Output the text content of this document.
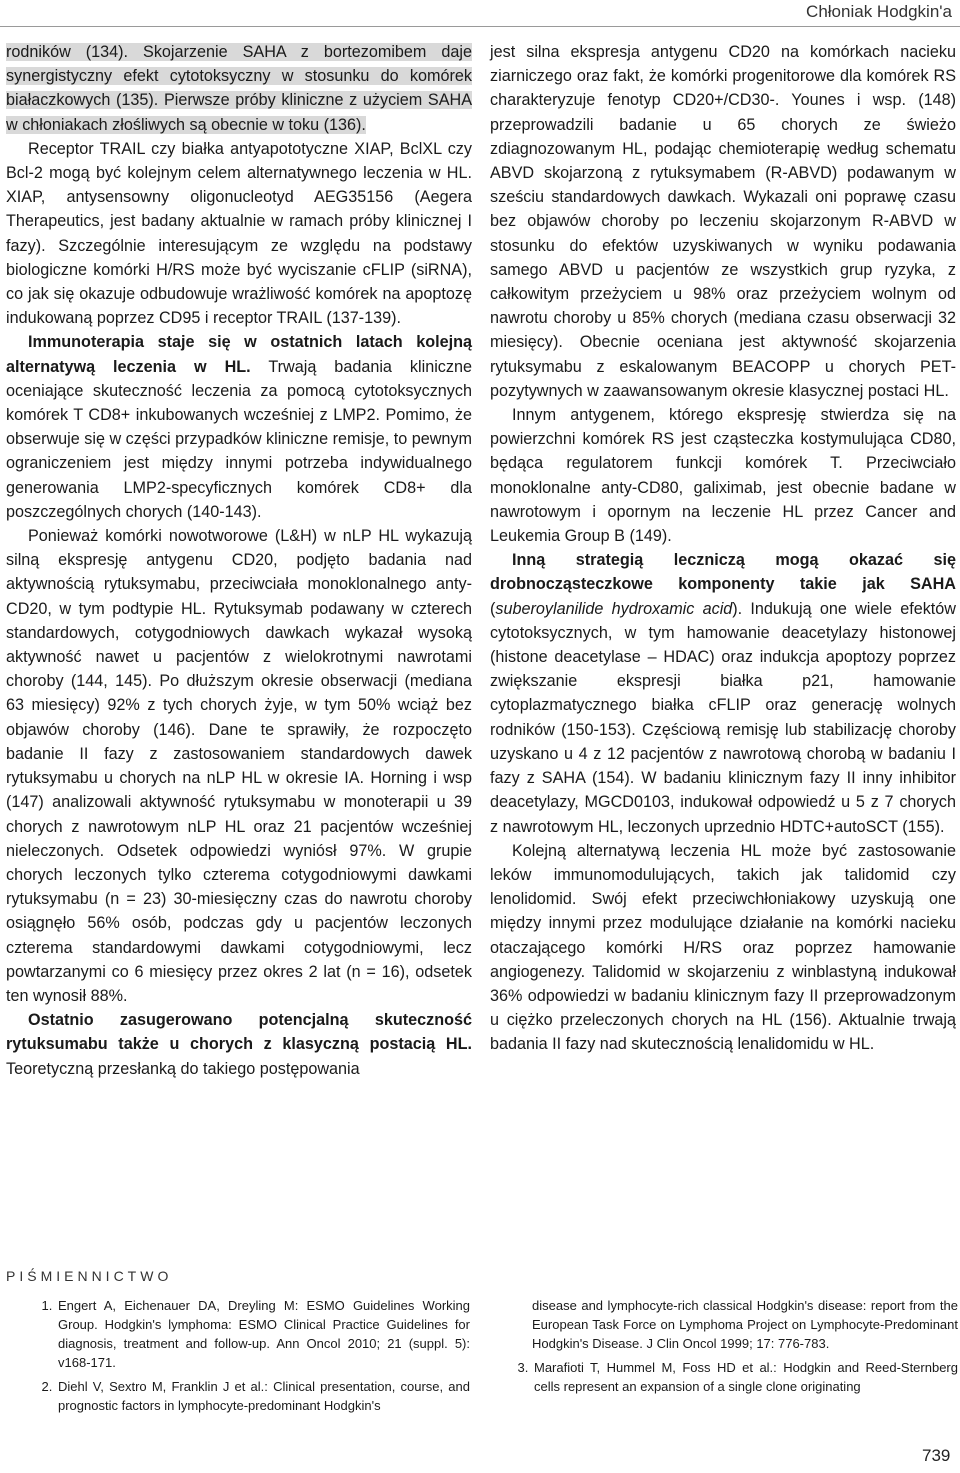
Chłoniak Hodgkin'a

rodników (134). Skojarzenie SAHA z bortezomibem daje synergistyczny efekt cytotoksyczny w stosunku do komórek białaczkowych (135). Pierwsze próby kliniczne z użyciem SAHA w chłoniakach złośliwych są obecnie w toku (136).

Receptor TRAIL czy białka antyapototyczne XIAP, BclXL czy Bcl-2 mogą być kolejnym celem alternatywnego leczenia w HL. XIAP, antysensowny oligonucleotyd AEG35156 (Aegera Therapeutics, jest badany aktualnie w ramach próby klinicznej I fazy). Szczególnie interesującym ze względu na podstawy biologiczne komórki H/RS może być wyciszanie cFLIP (siRNA), co jak się okazuje odbudowuje wrażliwość komórek na apoptozę indukowaną poprzez CD95 i receptor TRAIL (137-139).

Immunoterapia staje się w ostatnich latach kolejną alternatywą leczenia w HL. Trwają badania kliniczne oceniające skuteczność leczenia za pomocą cytotoksycznych komórek T CD8+ inkubowanych wcześniej z LMP2. Pomimo, że obserwuje się w części przypadków kliniczne remisje, to pewnym ograniczeniem jest między innymi potrzeba indywidualnego generowania LMP2-specyficznych komórek CD8+ dla poszczególnych chorych (140-143).

Ponieważ komórki nowotworowe (L&H) w nLP HL wykazują silną ekspresję antygenu CD20, podjęto badania nad aktywnością rytuksymabu, przeciwciała monoklonalnego anty-CD20, w tym podtypie HL. Rytuksymab podawany w czterech standardowych, cotygodniowych dawkach wykazał wysoką aktywność nawet u pacjentów z wielokrotnymi nawrotami choroby (144, 145). Po dłuższym okresie obserwacji (mediana 63 miesięcy) 92% z tych chorych żyje, w tym 50% wciąż bez objawów choroby (146). Dane te sprawiły, że rozpoczęto badanie II fazy z zastosowaniem standardowych dawek rytuksymabu u chorych na nLP HL w okresie IA. Horning i wsp (147) analizowali aktywność rytuksymabu w monoterapii u 39 chorych z nawrotowym nLP HL oraz 21 pacjentów wcześniej nieleczonych. Odsetek odpowiedzi wyniósł 97%. W grupie chorych leczonych tylko czterema cotygodniowymi dawkami rytuksymabu (n = 23) 30-miesięczny czas do nawrotu choroby osiągnęło 56% osób, podczas gdy u pacjentów leczonych czterema standardowymi dawkami cotygodniowymi, lecz powtarzanymi co 6 miesięcy przez okres 2 lat (n = 16), odsetek ten wynosił 88%.

Ostatnio zasugerowano potencjalną skuteczność rytuksumabu także u chorych z klasyczną postacią HL. Teoretyczną przesłanką do takiego postępowania

jest silna ekspresja antygenu CD20 na komórkach nacieku ziarniczego oraz fakt, że komórki progenitorowe dla komórek RS charakteryzuje fenotyp CD20+/CD30-. Younes i wsp. (148) przeprowadzili badanie u 65 chorych ze świeżo zdiagnozowanym HL, podając chemioterapię według schematu ABVD skojarzoną z rytuksymabem (R-ABVD) podawanym w sześciu standardowych dawkach. Wykazali oni poprawę czasu bez objawów choroby po leczeniu skojarzonym R-ABVD w stosunku do efektów uzyskiwanych w wyniku podawania samego ABVD u pacjentów ze wszystkich grup ryzyka, z całkowitym przeżyciem u 98% oraz przeżyciem wolnym od nawrotu choroby u 85% chorych (mediana czasu obserwacji 32 miesięcy). Obecnie oceniana jest aktywność skojarzenia rytuksymabu z eskalowanym BEACOPP u chorych PET-pozytywnych w zaawansowanym okresie klasycznej postaci HL.

Innym antygenem, którego ekspresję stwierdza się na powierzchni komórek RS jest cząsteczka kostymulująca CD80, będąca regulatorem funkcji komórek T. Przeciwciało monoklonalne anty-CD80, galiximab, jest obecnie badane w nawrotowym i opornym na leczenie HL przez Cancer and Leukemia Group B (149).

Inną strategią leczniczą mogą okazać się drobnocząsteczkowe komponenty takie jak SAHA (suberoylanilide hydroxamic acid). Indukują one wiele efektów cytotoksycznych, w tym hamowanie deacetylazy histonowej (histone deacetylase – HDAC) oraz indukcja apoptozy poprzez zwiększanie ekspresji białka p21, hamowanie cytoplazmatycznego białka cFLIP oraz generację wolnych rodników (150-153). Częściową remisję lub stabilizację choroby uzyskano u 4 z 12 pacjentów z nawrotową chorobą w badaniu I fazy z SAHA (154). W badaniu klinicznym fazy II inny inhibitor deacetylazy, MGCD0103, indukował odpowiedź u 5 z 7 chorych z nawrotowym HL, leczonych uprzednio HDTC+autoSCT (155).

Kolejną alternatywą leczenia HL może być zastosowanie leków immunomodulujących, takich jak talidomid czy lenolidomid. Swój efekt przeciwchłoniakowy uzyskują one między innymi przez modulujące działanie na komórki nacieku otaczającego komórki H/RS oraz poprzez hamowanie angiogenezy. Talidomid w skojarzeniu z winblastyną indukował 36% odpowiedzi w badaniu klinicznym fazy II przeprowadzonym u ciężko przeleczonych chorych na HL (156). Aktualnie trwają badania II fazy nad skutecznością lenalidomidu w HL.

PIŚMIENNICTWO
1. Engert A, Eichenauer DA, Dreyling M: ESMO Guidelines Working Group. Hodgkin's lymphoma: ESMO Clinical Practice Guidelines for diagnosis, treatment and follow-up. Ann Oncol 2010; 21 (suppl. 5): v168-171.
2. Diehl V, Sextro M, Franklin J et al.: Clinical presentation, course, and prognostic factors in lymphocyte-predominant Hodgkin's

disease and lymphocyte-rich classical Hodgkin's disease: report from the European Task Force on Lymphoma Project on Lymphocyte-Predominant Hodgkin's Disease. J Clin Oncol 1999; 17: 776-783.

3. Marafioti T, Hummel M, Foss HD et al.: Hodgkin and Reed-Sternberg cells represent an expansion of a single clone originating
739
